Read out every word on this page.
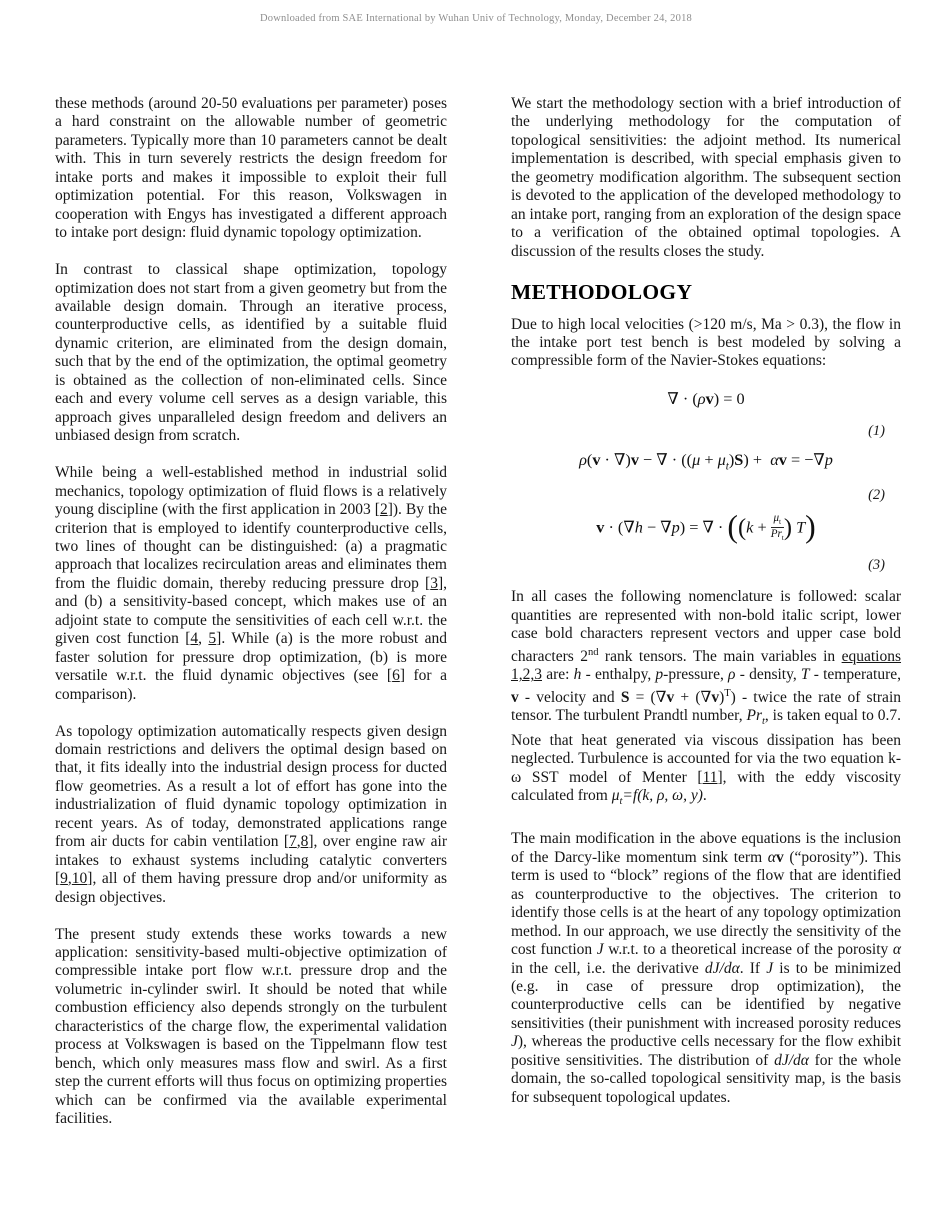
Downloaded from SAE International by Wuhan Univ of Technology, Monday, December 24, 2018

these methods (around 20-50 evaluations per parameter) poses a hard constraint on the allowable number of geometric parameters. Typically more than 10 parameters cannot be dealt with. This in turn severely restricts the design freedom for intake ports and makes it impossible to exploit their full optimization potential. For this reason, Volkswagen in cooperation with Engys has investigated a different approach to intake port design: fluid dynamic topology optimization.

In contrast to classical shape optimization, topology optimization does not start from a given geometry but from the available design domain. Through an iterative process, counterproductive cells, as identified by a suitable fluid dynamic criterion, are eliminated from the design domain, such that by the end of the optimization, the optimal geometry is obtained as the collection of non-eliminated cells. Since each and every volume cell serves as a design variable, this approach gives unparalleled design freedom and delivers an unbiased design from scratch.

While being a well-established method in industrial solid mechanics, topology optimization of fluid flows is a relatively young discipline (with the first application in 2003 [2]). By the criterion that is employed to identify counterproductive cells, two lines of thought can be distinguished: (a) a pragmatic approach that localizes recirculation areas and eliminates them from the fluidic domain, thereby reducing pressure drop [3], and (b) a sensitivity-based concept, which makes use of an adjoint state to compute the sensitivities of each cell w.r.t. the given cost function [4, 5]. While (a) is the more robust and faster solution for pressure drop optimization, (b) is more versatile w.r.t. the fluid dynamic objectives (see [6] for a comparison).

As topology optimization automatically respects given design domain restrictions and delivers the optimal design based on that, it fits ideally into the industrial design process for ducted flow geometries. As a result a lot of effort has gone into the industrialization of fluid dynamic topology optimization in recent years. As of today, demonstrated applications range from air ducts for cabin ventilation [7,8], over engine raw air intakes to exhaust systems including catalytic converters [9,10], all of them having pressure drop and/or uniformity as design objectives.

The present study extends these works towards a new application: sensitivity-based multi-objective optimization of compressible intake port flow w.r.t. pressure drop and the volumetric in-cylinder swirl. It should be noted that while combustion efficiency also depends strongly on the turbulent characteristics of the charge flow, the experimental validation process at Volkswagen is based on the Tippelmann flow test bench, which only measures mass flow and swirl. As a first step the current efforts will thus focus on optimizing properties which can be confirmed via the available experimental facilities.

We start the methodology section with a brief introduction of the underlying methodology for the computation of topological sensitivities: the adjoint method. Its numerical implementation is described, with special emphasis given to the geometry modification algorithm. The subsequent section is devoted to the application of the developed methodology to an intake port, ranging from an exploration of the design space to a verification of the obtained optimal topologies. A discussion of the results closes the study.

METHODOLOGY

Due to high local velocities (>120 m/s, Ma > 0.3), the flow in the intake port test bench is best modeled by solving a compressible form of the Navier-Stokes equations:

∇ · (ρv) = 0
(1)
ρ(v · ∇)v − ∇ · $((\mu + \mu_t)S) + \alpha v = -\nabla p$
(2)
v · (∇h − ∇p) = ∇ · (($k + \frac{\mu_t}{Pr_t}$ ) T)
(3)

In all cases the following nomenclature is followed: scalar quantities are represented with non-bold italic script, lower case bold characters represent vectors and upper case bold characters 2nd rank tensors. The main variables in equations 1,2,3 are: h - enthalpy, p-pressure, ρ - density, T - temperature, v - velocity and $S = (\nabla v + (\nabla v)^T)$ - twice the rate of strain tensor. The turbulent Prandtl number, $Pr_t$, is taken equal to 0.7. Note that heat generated via viscous dissipation has been neglected. Turbulence is accounted for via the two equation k-ω SST model of Menter [11], with the eddy viscosity calculated from $\mu_t=f(k$, ρ, ω, y).

The main modification in the above equations is the inclusion of the Darcy-like momentum sink term αv (“porosity”). This term is used to “block” regions of the flow that are identified as counterproductive to the objectives. The criterion to identify those cells is at the heart of any topology optimization method. In our approach, we use directly the sensitivity of the cost function J w.r.t. to a theoretical increase of the porosity α in the cell, i.e. the derivative dJ/dα. If J is to be minimized (e.g. in case of pressure drop optimization), the counterproductive cells can be identified by negative sensitivities (their punishment with increased porosity reduces J), whereas the productive cells necessary for the flow exhibit positive sensitivities. The distribution of dJ/dα for the whole domain, the so-called topological sensitivity map, is the basis for subsequent topological updates.
